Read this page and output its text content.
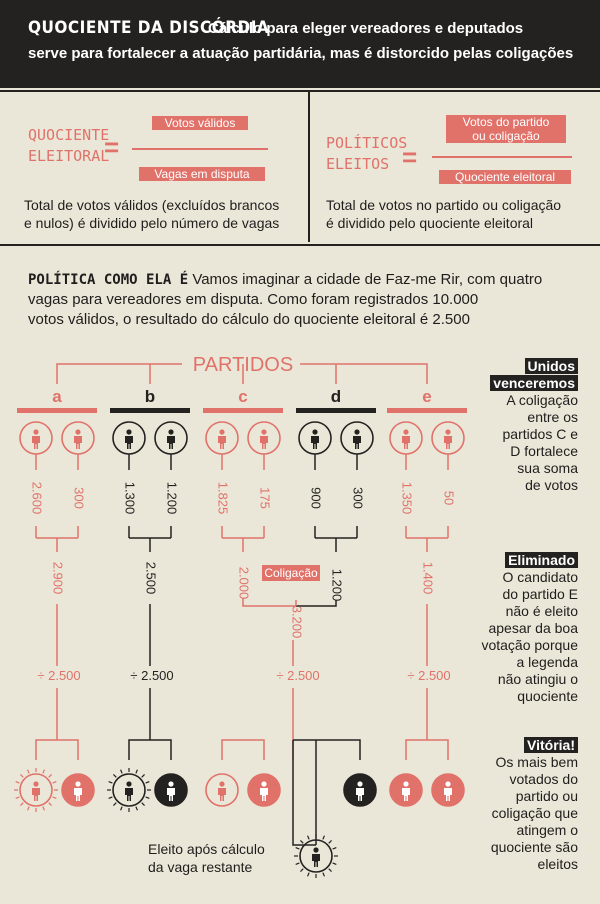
QUOCIENTE DA DISCÓRDIA
Cálculo para eleger vereadores e deputados
serve para fortalecer a atuação partidária, mas é distorcido pelas coligações
QUOCIENTE
ELEITORAL
=
Votos válidos
Vagas em disputa
Total de votos válidos (excluídos brancos
e nulos) é dividido pelo número de vagas
POLÍTICOS
ELEITOS =
Votos do partido
ou coligação
Quociente eleitoral
Total de votos no partido ou coligação
é dividido pelo quociente eleitoral
POLÍTICA COMO ELA É Vamos imaginar a cidade de Faz-me Rir, com quatro
vagas para vereadores em disputa. Como foram registrados 10.000
votos válidos, o resultado do cálculo do quociente eleitoral é 2.500
PARTIDOS
a
2.600 300
b
1.300 1.200
c
1.825 175
d
900 300
e
1.350 50
2.900
÷ 2.500
2.500
÷ 2.500
1.400
÷ 2.500
2.000	1.200
3.200
÷ 2.500
Coligação
Eleito após cálculo
da vaga restante
Unidos
venceremos
A coligação
entre os
partidos C e
D fortalece
sua soma
de votos
Eliminado
O candidato
do partido E
não é eleito
apesar da boa
votação porque
a legenda
não atingiu o
quociente
Vitória!
Os mais bem
votados do
partido ou
coligação que
atingem o
quociente são
eleitos
